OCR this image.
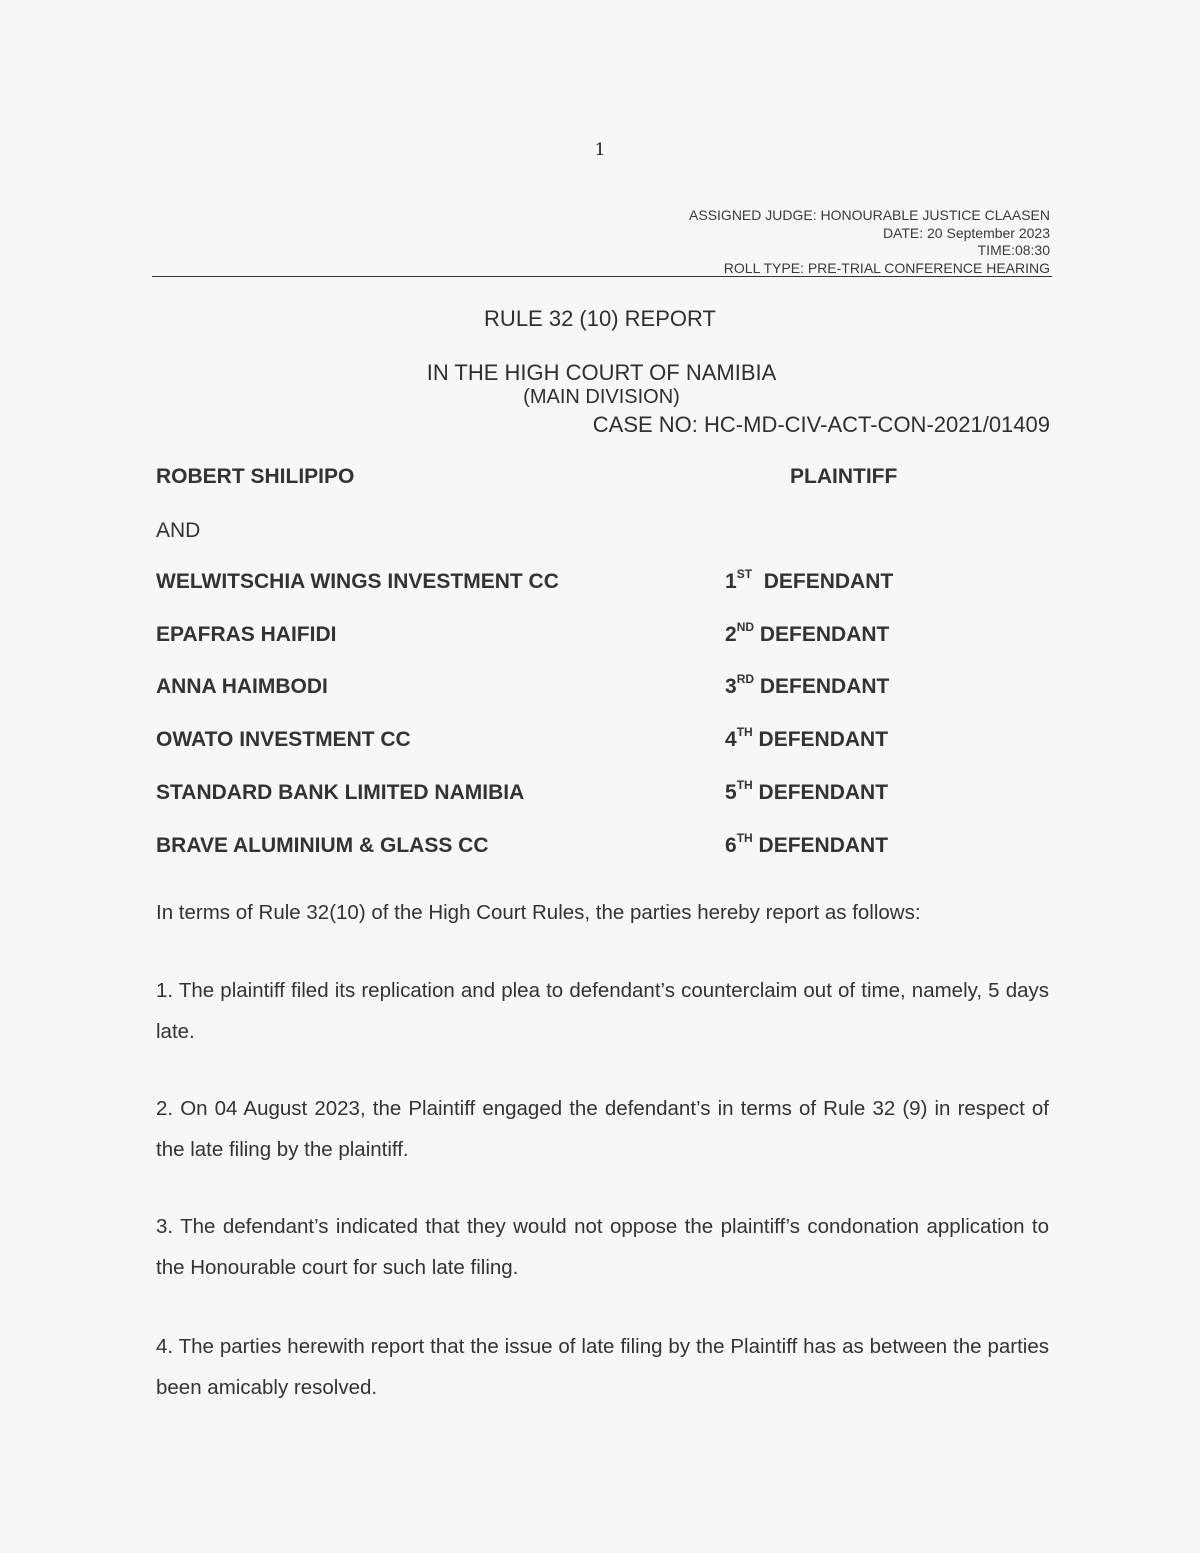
1
ASSIGNED JUDGE: HONOURABLE JUSTICE CLAASEN
DATE: 20 September 2023
TIME:08:30
ROLL TYPE: PRE-TRIAL CONFERENCE HEARING
RULE 32 (10) REPORT
IN THE HIGH COURT OF NAMIBIA
(MAIN DIVISION)
CASE NO: HC-MD-CIV-ACT-CON-2021/01409
ROBERT SHILIPIPO	PLAINTIFF
AND
WELWITSCHIA WINGS INVESTMENT CC	1ST DEFENDANT
EPAFRAS HAIFIDI	2ND DEFENDANT
ANNA HAIMBODI	3RD DEFENDANT
OWATO INVESTMENT CC	4TH DEFENDANT
STANDARD BANK LIMITED NAMIBIA	5TH DEFENDANT
BRAVE ALUMINIUM & GLASS CC	6TH DEFENDANT
In terms of Rule 32(10) of the High Court Rules, the parties hereby report as follows:
1. The plaintiff filed its replication and plea to defendant’s counterclaim out of time, namely, 5 days late.
2. On 04 August 2023, the Plaintiff engaged the defendant’s in terms of Rule 32 (9) in respect of the late filing by the plaintiff.
3. The defendant’s indicated that they would not oppose the plaintiff’s condonation application to the Honourable court for such late filing.
4. The parties herewith report that the issue of late filing by the Plaintiff has as between the parties been amicably resolved.
